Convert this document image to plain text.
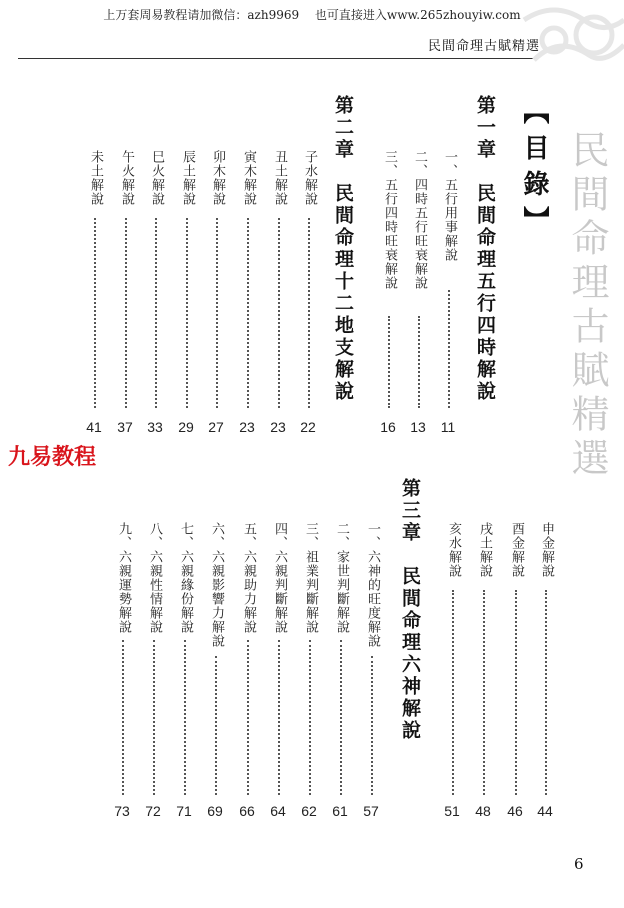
上万套周易教程请加微信：azh9969　 也可直接进入www.265zhouyiw.com
民間命理古賦精選
民間命理古賦精選
【目錄】
第一章　民間命理五行四時解說
一、五行用事解說
11
二、四時五行旺衰解說
13
三、五行四時旺衰解說
16
第二章　民間命理十二地支解說
子水解說
22
丑土解說
23
寅木解說
23
卯木解說
27
辰土解說
29
巳火解說
33
午火解說
37
未土解說
41
申金解說
44
酉金解說
46
戌土解說
48
亥水解說
51
第三章　民間命理六神解說
一、六神的旺度解說
57
二、家世判斷解說
61
三、祖業判斷解說
62
四、六親判斷解說
64
五、六親助力解說
66
六、六親影響力解說
69
七、六親緣份解說
71
八、六親性情解說
72
九、六親運勢解說
73
九易教程
6
